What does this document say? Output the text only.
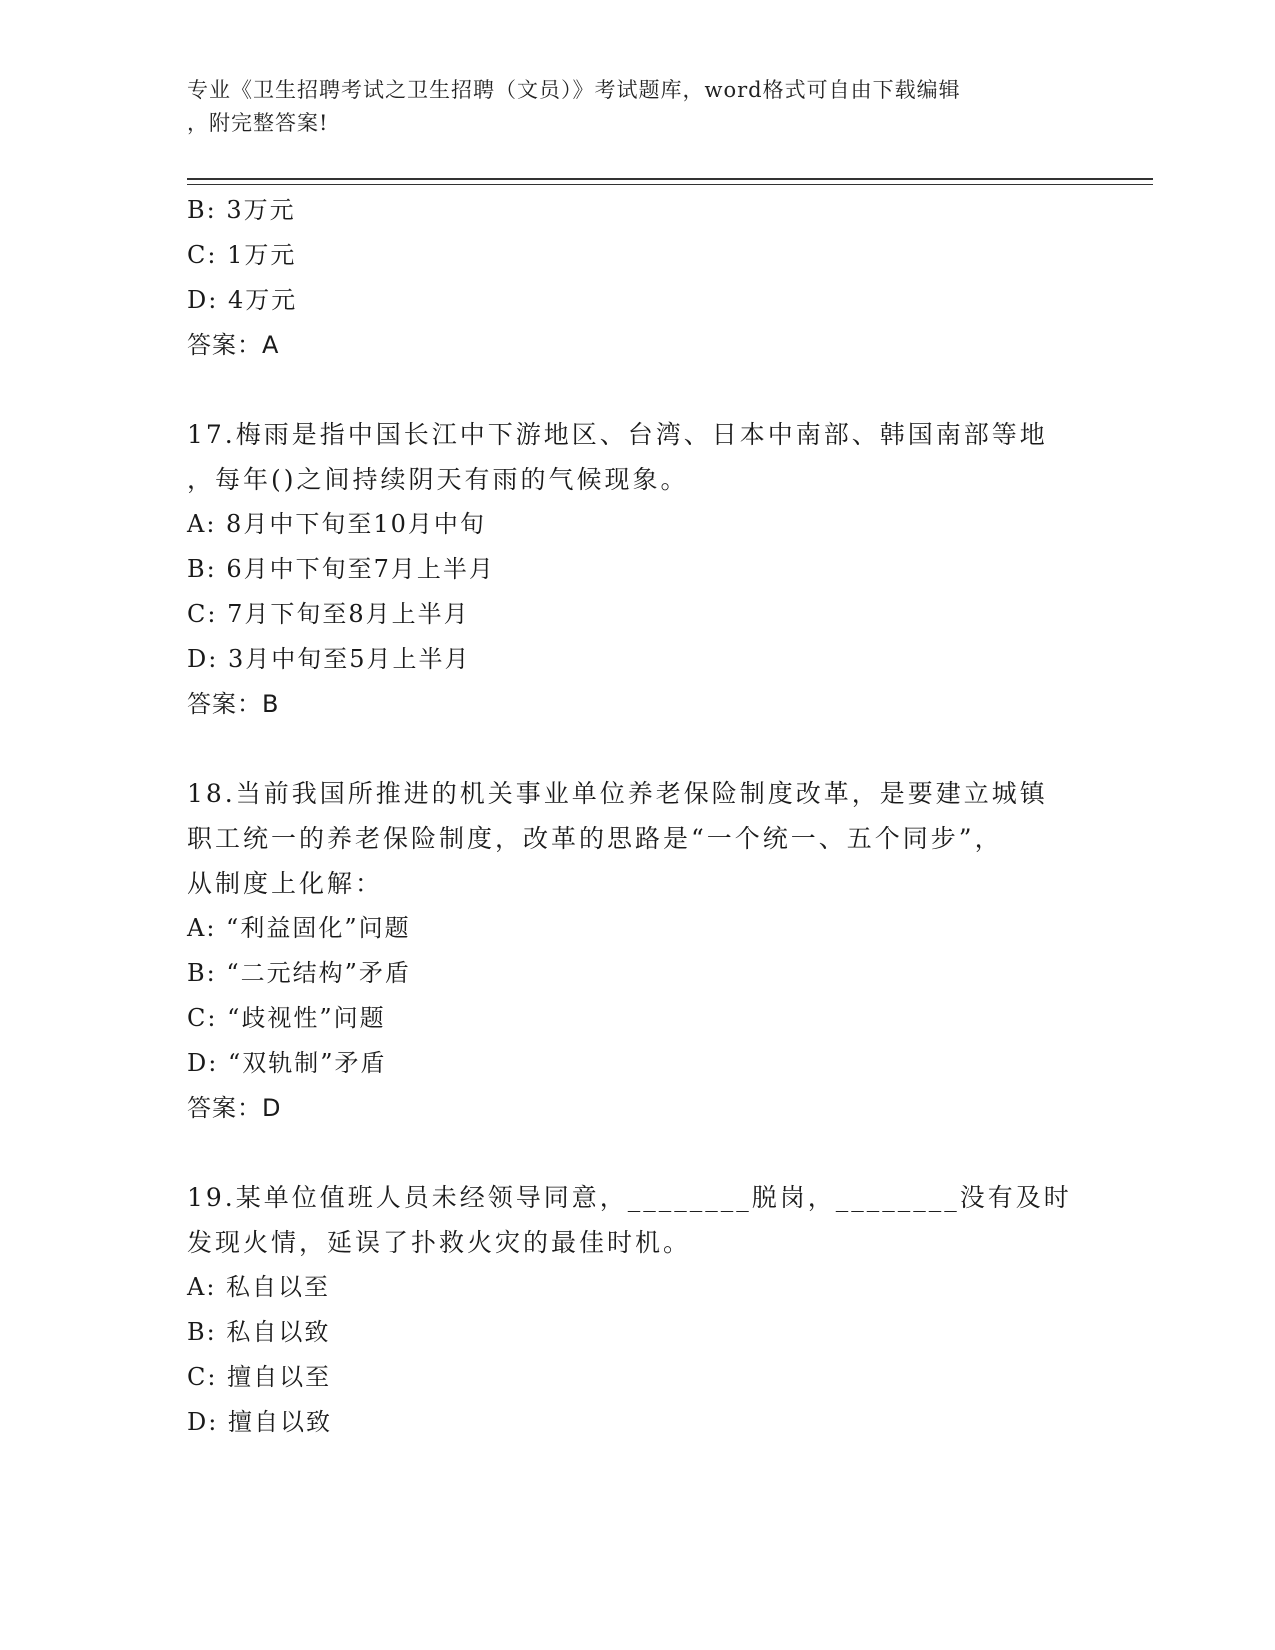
专业《卫生招聘考试之卫生招聘（文员）》考试题库，word格式可自由下载编辑
，附完整答案!
B: 3万元
C: 1万元
D: 4万元
答案：A
17.梅雨是指中国长江中下游地区、台湾、日本中南部、韩国南部等地
，每年()之间持续阴天有雨的气候现象。
A: 8月中下旬至10月中旬
B: 6月中下旬至7月上半月
C: 7月下旬至8月上半月
D: 3月中旬至5月上半月
答案：B
18.当前我国所推进的机关事业单位养老保险制度改革，是要建立城镇
职工统一的养老保险制度，改革的思路是“一个统一、五个同步”，
从制度上化解：
A: “利益固化”问题
B: “二元结构”矛盾
C: “歧视性”问题
D: “双轨制”矛盾
答案：D
19.某单位值班人员未经领导同意，________脱岗，________没有及时
发现火情，延误了扑救火灾的最佳时机。
A: 私自以至
B: 私自以致
C: 擅自以至
D: 擅自以致
